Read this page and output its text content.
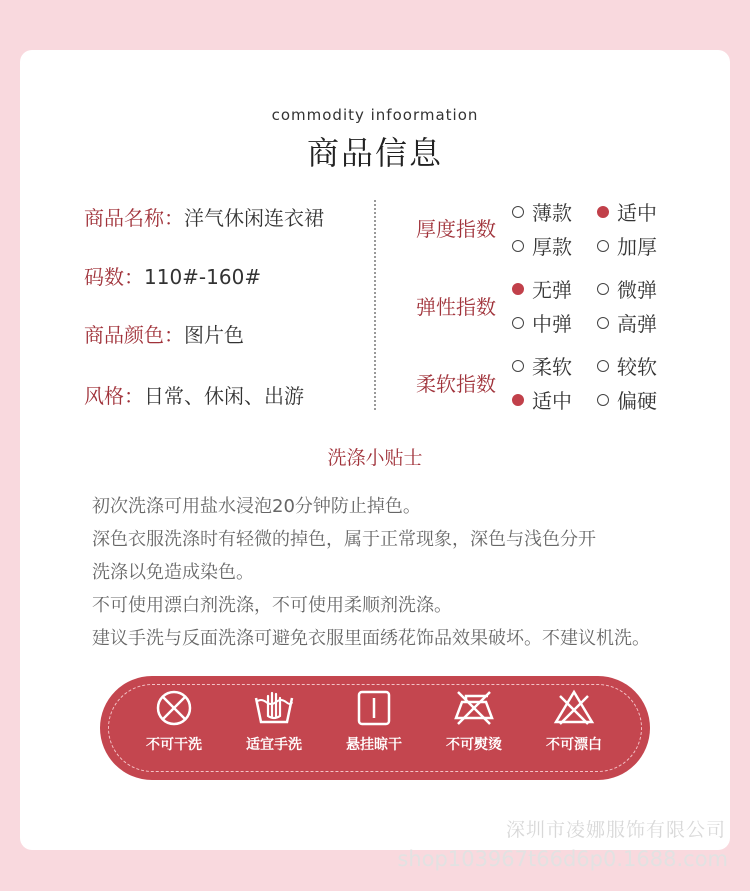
commodity infoormation
商品信息
商品名称：洋气休闲连衣裙
码数：110#-160#
商品颜色：图片色
风格：日常、休闲、出游
厚度指数
薄款 适中
厚款 加厚
弹性指数
无弹 微弹
中弹 高弹
柔软指数
柔软 较软
适中 偏硬
洗涤小贴士
初次洗涤可用盐水浸泡20分钟防止掉色。
深色衣服洗涤时有轻微的掉色，属于正常现象，深色与浅色分开
洗涤以免造成染色。
不可使用漂白剂洗涤，不可使用柔顺剂洗涤。
建议手洗与反面洗涤可避免衣服里面绣花饰品效果破坏。不建议机洗。
不可干洗	适宜手洗	悬挂晾干	不可熨烫	不可漂白
深圳市凌娜服饰有限公司
shop103967t66d6p0.1688.com
